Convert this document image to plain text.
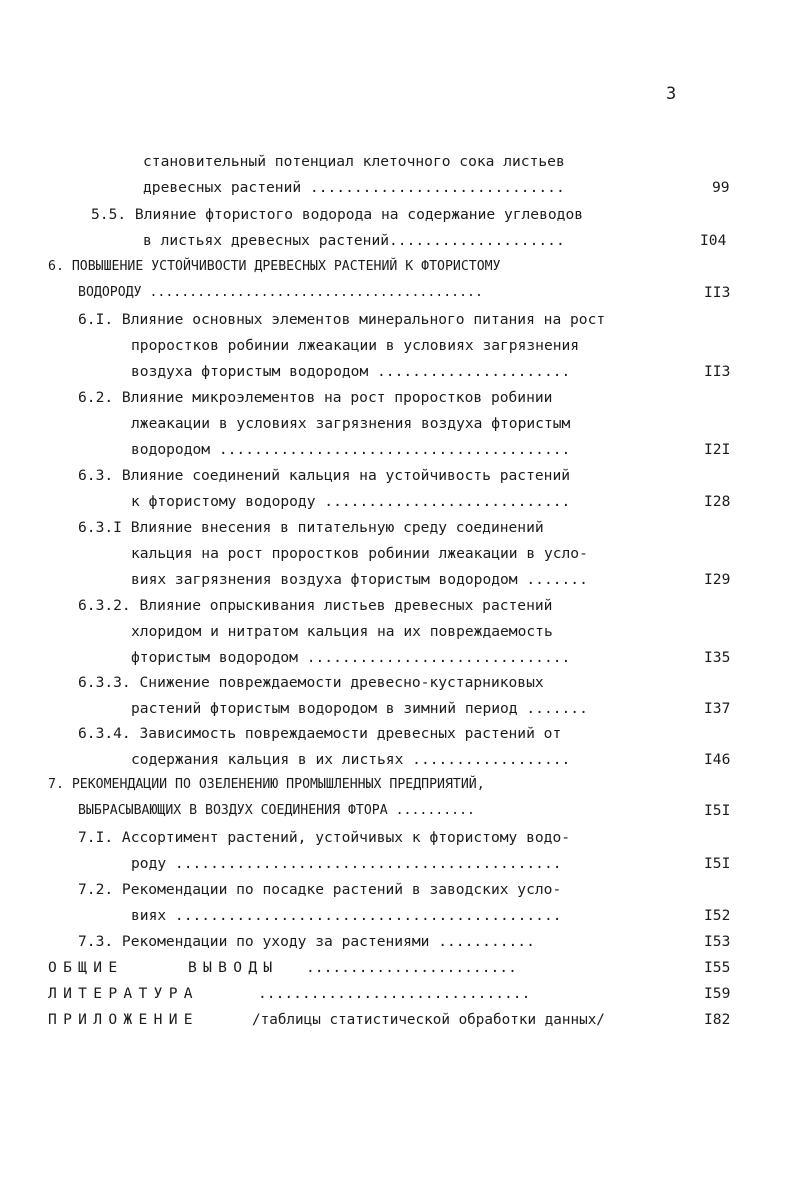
3
становительный потенциал клеточного сока листьев
древесных растений .............................	99
5.5. Влияние фтористого водорода на содержание углеводов
в листьях древесных растений....................	I04
6. ПОВЫШЕНИЕ УСТОЙЧИВОСТИ ДРЕВЕСНЫХ РАСТЕНИЙ К ФТОРИСТОМУ
ВОДОРОДУ ..........................................	II3
6.I. Влияние основных элементов минерального питания на рост
проростков робинии лжеакации в условиях загрязнения
воздуха фтористым водородом ......................	II3
6.2. Влияние микроэлементов на рост проростков робинии
лжеакации в условиях загрязнения воздуха фтористым
водородом ........................................	I2I
6.3. Влияние соединений кальция на устойчивость растений
к фтористому водороду ............................	I28
6.3.I Влияние внесения в питательную среду соединений
кальция на рост проростков робинии лжеакации в усло-
виях загрязнения воздуха фтористым водородом .......	I29
6.3.2. Влияние опрыскивания листьев древесных растений
хлоридом и нитратом кальция на их повреждаемость
фтористым водородом ..............................	I35
6.3.3. Снижение повреждаемости древесно-кустарниковых
растений фтористым водородом в зимний период .......	I37
6.3.4. Зависимость повреждаемости древесных растений от
содержания кальция в их листьях ..................	I46
7. РЕКОМЕНДАЦИИ ПО ОЗЕЛЕНЕНИЮ ПРОМЫШЛЕННЫХ ПРЕДПРИЯТИЙ,
ВЫБРАСЫВАЮЩИХ В ВОЗДУХ СОЕДИНЕНИЯ ФТОРА ..........	I5I
7.I. Ассортимент растений, устойчивых к фтористому водо-
роду ............................................	I5I
7.2. Рекомендации по посадке растений в заводских усло-
виях ............................................	I52
7.3. Рекомендации по уходу за растениями ...........	I53
ОБЩИЕ	ВЫВОДЫ ........................	I55
ЛИТЕРАТУРА	...............................	I59
ПРИЛОЖЕНИЕ	/таблицы статистической обработки данных/	I82
